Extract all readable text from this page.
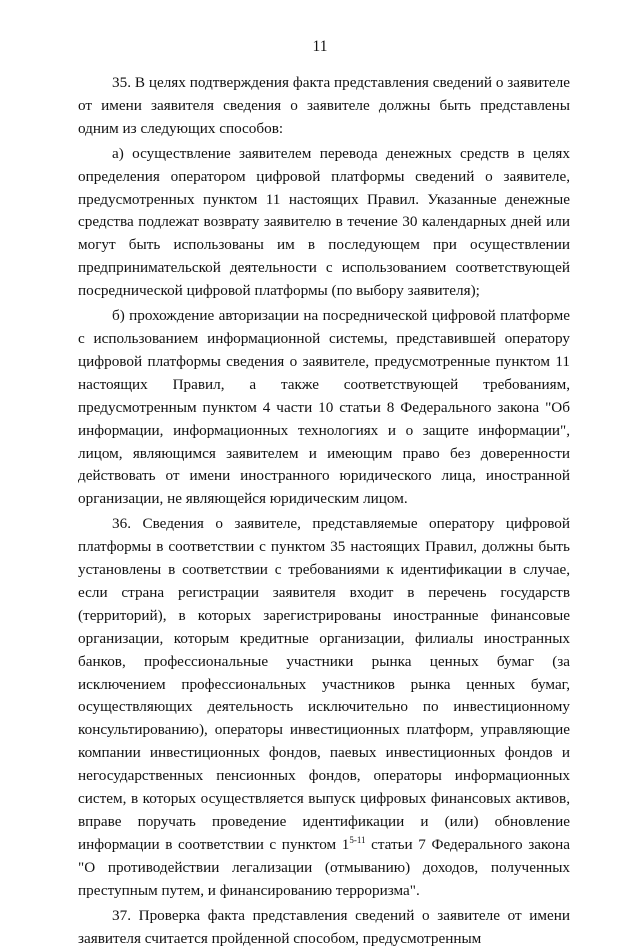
11

35. В целях подтверждения факта представления сведений о заявителе от имени заявителя сведения о заявителе должны быть представлены одним из следующих способов:

а) осуществление заявителем перевода денежных средств в целях определения оператором цифровой платформы сведений о заявителе, предусмотренных пунктом 11 настоящих Правил. Указанные денежные средства подлежат возврату заявителю в течение 30 календарных дней или могут быть использованы им в последующем при осуществлении предпринимательской деятельности с использованием соответствующей посреднической цифровой платформы (по выбору заявителя);

б) прохождение авторизации на посреднической цифровой платформе с использованием информационной системы, представившей оператору цифровой платформы сведения о заявителе, предусмотренные пунктом 11 настоящих Правил, а также соответствующей требованиям, предусмотренным пунктом 4 части 10 статьи 8 Федерального закона "Об информации, информационных технологиях и о защите информации", лицом, являющимся заявителем и имеющим право без доверенности действовать от имени иностранного юридического лица, иностранной организации, не являющейся юридическим лицом.

36. Сведения о заявителе, представляемые оператору цифровой платформы в соответствии с пунктом 35 настоящих Правил, должны быть установлены в соответствии с требованиями к идентификации в случае, если страна регистрации заявителя входит в перечень государств (территорий), в которых зарегистрированы иностранные финансовые организации, которым кредитные организации, филиалы иностранных банков, профессиональные участники рынка ценных бумаг (за исключением профессиональных участников рынка ценных бумаг, осуществляющих деятельность исключительно по инвестиционному консультированию), операторы инвестиционных платформ, управляющие компании инвестиционных фондов, паевых инвестиционных фондов и негосударственных пенсионных фондов, операторы информационных систем, в которых осуществляется выпуск цифровых финансовых активов, вправе поручать проведение идентификации и (или) обновление информации в соответствии с пунктом 1$^{5-11}$ статьи 7 Федерального закона "О противодействии легализации (отмыванию) доходов, полученных преступным путем, и финансированию терроризма".

37. Проверка факта представления сведений о заявителе от имени заявителя считается пройденной способом, предусмотренным
